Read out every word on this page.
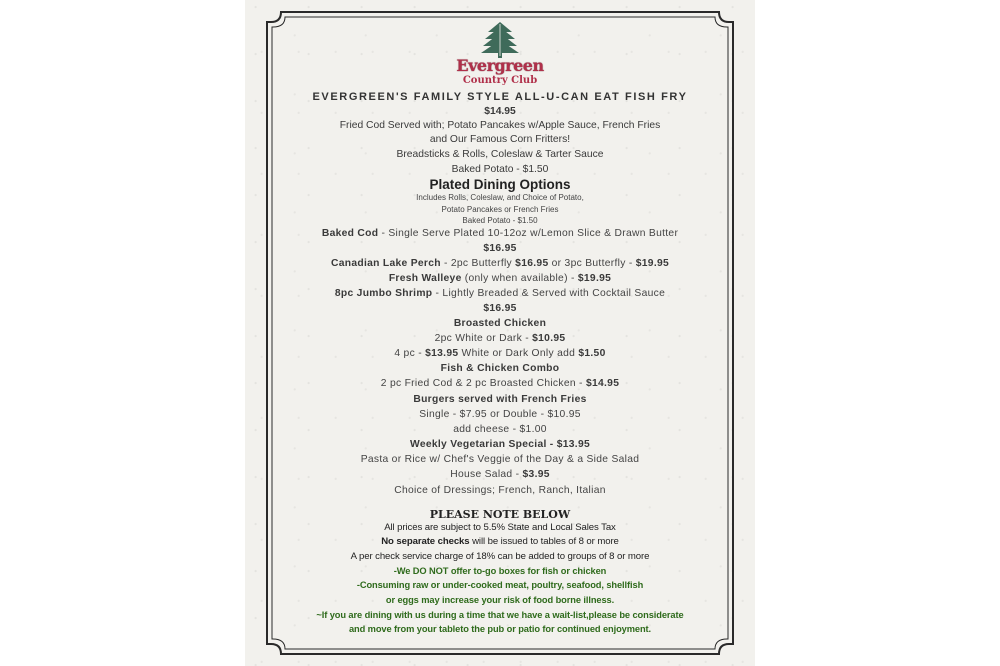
Evergreen
Country Club
EVERGREEN'S FAMILY STYLE ALL-U-CAN EAT FISH FRY
$14.95
Fried Cod Served with; Potato Pancakes w/Apple Sauce, French Fries
and Our Famous Corn Fritters!
Breadsticks & Rolls, Coleslaw & Tarter Sauce
Baked Potato - $1.50
Plated Dining Options
Includes Rolls, Coleslaw, and Choice of Potato,
Potato Pancakes or French Fries
Baked Potato - $1.50
Baked Cod - Single Serve Plated 10-12oz w/Lemon Slice & Drawn Butter
$16.95
Canadian Lake Perch - 2pc Butterfly $16.95 or 3pc Butterfly - $19.95
Fresh Walleye (only when available) - $19.95
8pc Jumbo Shrimp - Lightly Breaded & Served with Cocktail Sauce
$16.95
Broasted Chicken
2pc White or Dark - $10.95
4 pc - $13.95 White or Dark Only add $1.50
Fish & Chicken Combo
2 pc Fried Cod & 2 pc Broasted Chicken - $14.95
Burgers served with French Fries
Single - $7.95 or Double - $10.95
add cheese - $1.00
Weekly Vegetarian Special - $13.95
Pasta or Rice w/ Chef's Veggie of the Day & a Side Salad
House Salad - $3.95
Choice of Dressings; French, Ranch, Italian
PLEASE NOTE BELOW
All prices are subject to 5.5% State and Local Sales Tax
No separate checks will be issued to tables of 8 or more
A per check service charge of 18% can be added to groups of 8 or more
-We DO NOT offer to-go boxes for fish or chicken
-Consuming raw or under-cooked meat, poultry, seafood, shellfish
or eggs may increase your risk of food borne illness.
~If you are dining with us during a time that we have a wait-list,please be considerate
and move from your tableto the pub or patio for continued enjoyment.
